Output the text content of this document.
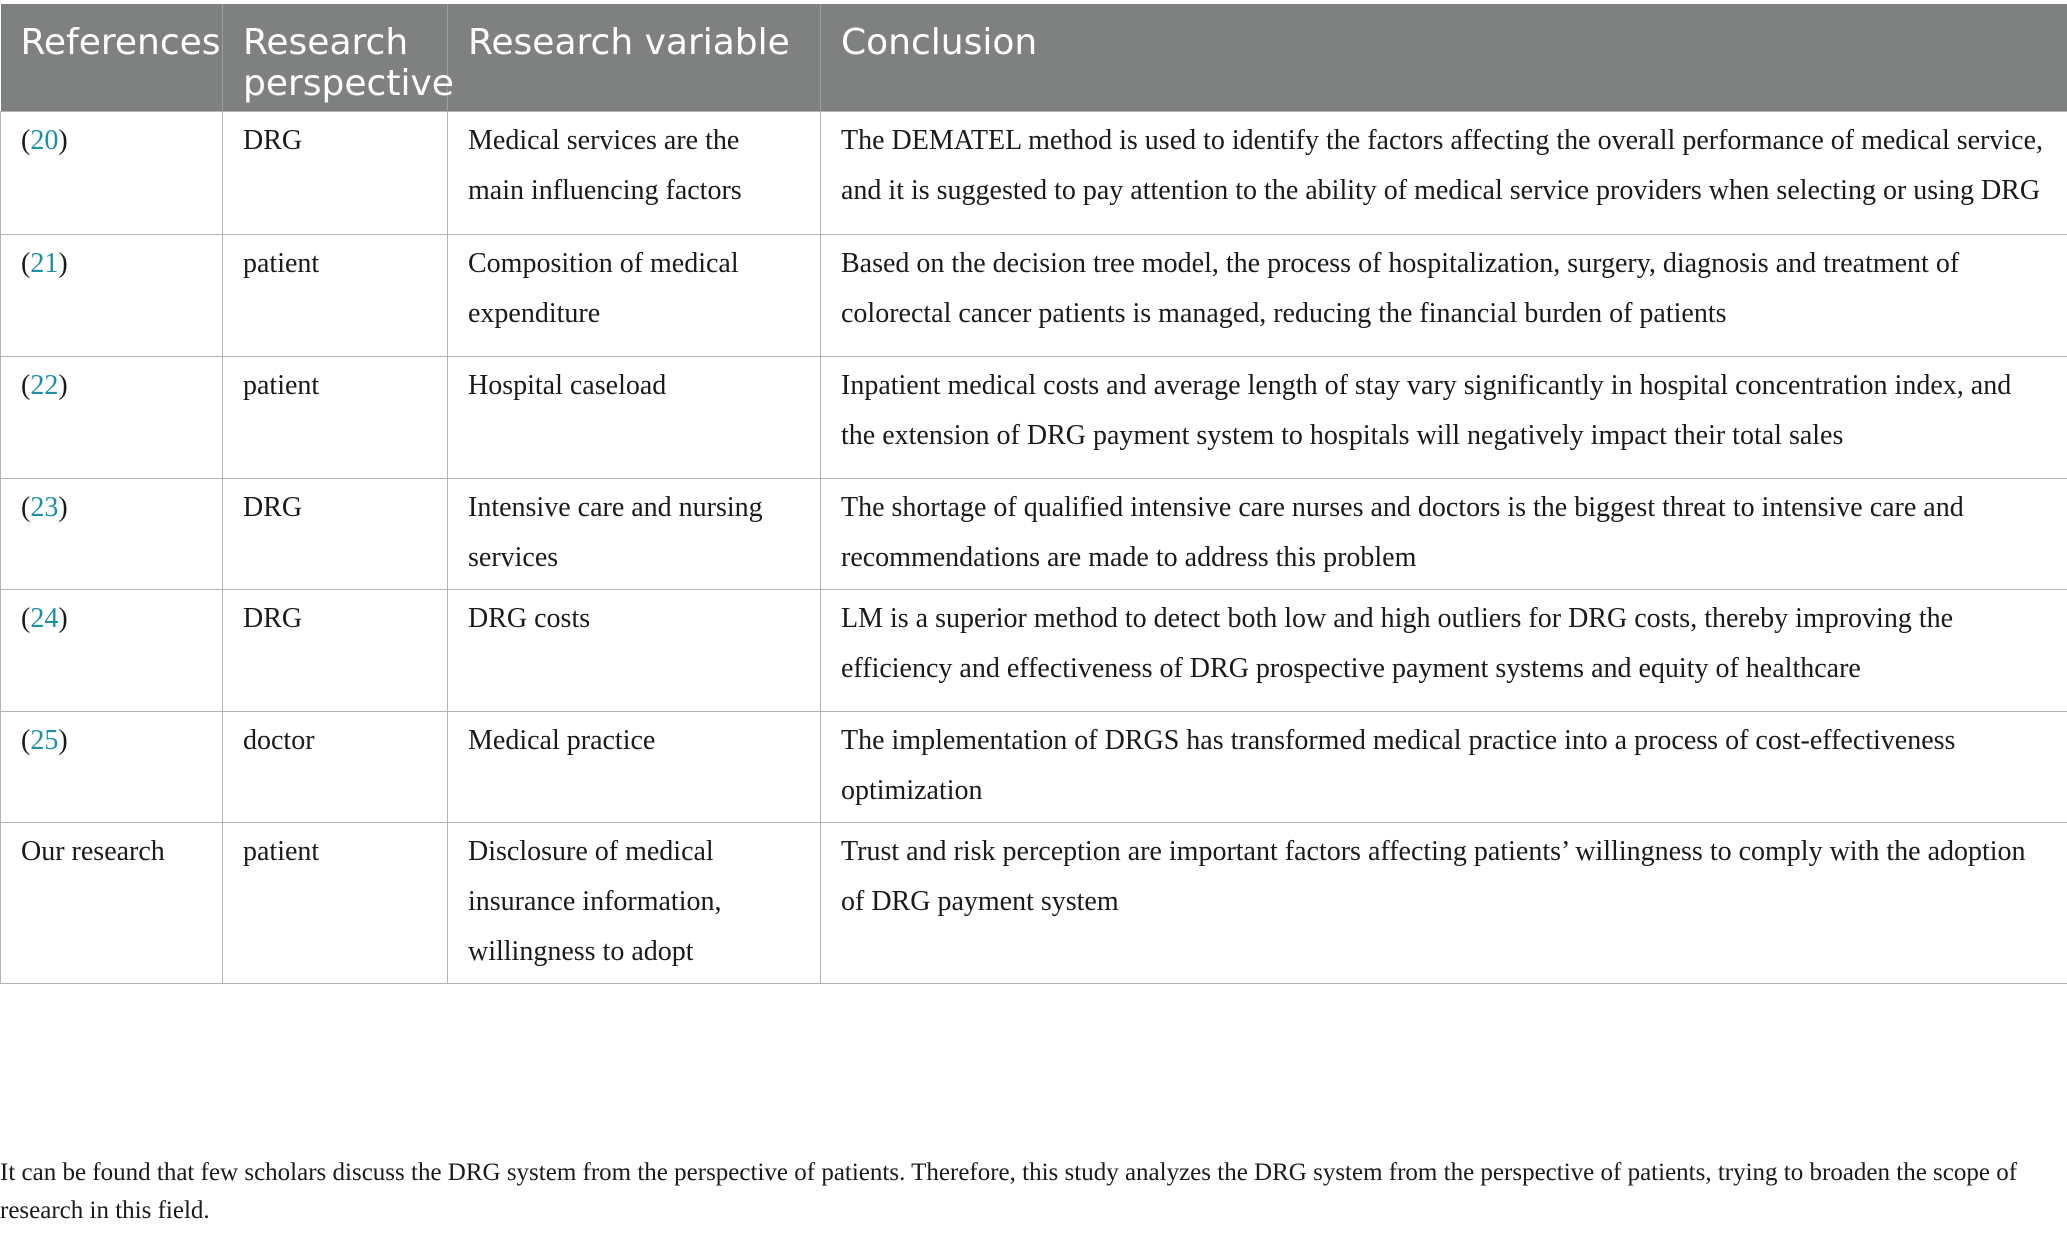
References	Research perspective	Research variable	Conclusion
(20)	DRG	Medical services are the main influencing factors	The DEMATEL method is used to identify the factors affecting the overall performance of medical service, and it is suggested to pay attention to the ability of medical service providers when selecting or using DRG
(21)	patient	Composition of medical expenditure	Based on the decision tree model, the process of hospitalization, surgery, diagnosis and treatment of colorectal cancer patients is managed, reducing the financial burden of patients
(22)	patient	Hospital caseload	Inpatient medical costs and average length of stay vary significantly in hospital concentration index, and the extension of DRG payment system to hospitals will negatively impact their total sales
(23)	DRG	Intensive care and nursing services	The shortage of qualified intensive care nurses and doctors is the biggest threat to intensive care and recommendations are made to address this problem
(24)	DRG	DRG costs	LM is a superior method to detect both low and high outliers for DRG costs, thereby improving the efficiency and effectiveness of DRG prospective payment systems and equity of healthcare
(25)	doctor	Medical practice	The implementation of DRGS has transformed medical practice into a process of cost-effectiveness optimization
Our research	patient	Disclosure of medical insurance information, willingness to adopt	Trust and risk perception are important factors affecting patients’ willingness to comply with the adoption of DRG payment system

It can be found that few scholars discuss the DRG system from the perspective of patients. Therefore, this study analyzes the DRG system from the perspective of patients, trying to broaden the scope of research in this field.
